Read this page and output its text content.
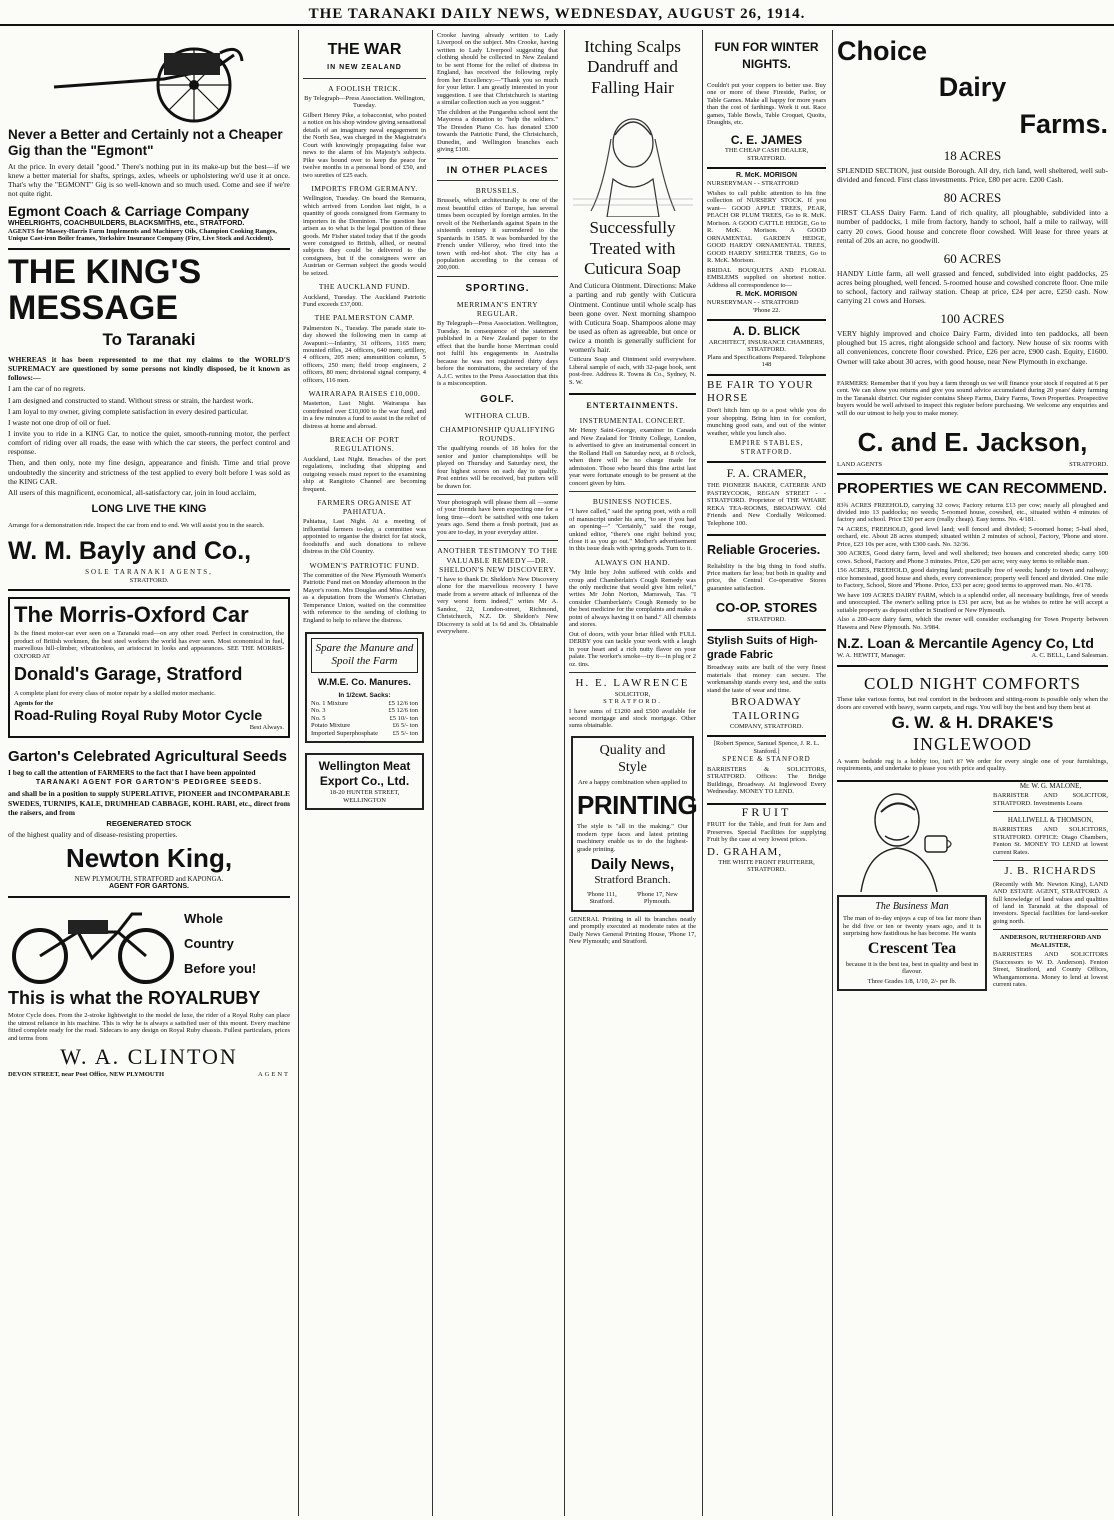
THE TARANAKI DAILY NEWS, WEDNESDAY, AUGUST 26, 1914.
Never a Better and Certainly not a Cheaper Gig than the "Egmont"

At the price. In every detail "good." There's nothing put in its make-up but the best—if we knew a better material for shafts, springs, axles, wheels or upholstering we'd use it at once. That's why the "EGMONT" Gig is so well-known and so much used. Come and see if we're not quite right.

Egmont Coach & Carriage Company
WHEELRIGHTS, COACHBUILDERS, BLACKSMITHS, etc., STRATFORD.
AGENTS for Massey-Harris Farm Implements and Machinery Oils, Champion Cooking Ranges, Unique Cast-iron Boiler frames, Yorkshire Insurance Company (Fire, Live Stock and Accident).
THE KING'S MESSAGE
To Taranaki

WHEREAS it has been represented to me that my claims to the WORLD'S SUPREMACY are questioned by some persons not kindly disposed, be it known as follows:—

I am the car of no regrets.

I am designed and constructed to stand. Without stress or strain, the hardest work.

I am loyal to my owner, giving complete satisfaction in every desired particular.

I waste not one drop of oil or fuel.

I invite you to ride in a KING Car, to notice the quiet, smooth-running motor, the perfect comfort of riding over all roads, the ease with which the car steers, the perfect control and response.

Then, and then only, note my fine design, appearance and finish. Time and trial prove undoubtedly the sincerity and strictness of the test applied to every bolt before I was sold as the KING CAR.

All users of this magnificent, economical, all-satisfactory car, join in loud acclaim,

LONG LIVE THE KING

Arrange for a demonstration ride. Inspect the car from end to end. We will assist you in the search.

W. M. Bayly and Co.,
SOLE TARANAKI AGENTS,
STRATFORD.
The Morris-Oxford Car

Is the finest motor-car ever seen on a Taranaki road—on any other road. Perfect in construction, the product of British workmen, the best steel workers the world has ever seen. Most economical in fuel, marvellous hill-climber, vibrationless, an aristocrat in looks and appearances. SEE THE MORRIS-OXFORD AT

Donald's Garage, Stratford

A complete plant for every class of motor repair by a skilled motor mechanic.

Agents for the
Road-Ruling Royal Ruby Motor Cycle
Best Always.
Garton's Celebrated Agricultural Seeds

I beg to call the attention of FARMERS to the fact that I have been appointed

TARANAKI AGENT FOR GARTON'S PEDIGREE SEEDS.

and shall be in a position to supply SUPERLATIVE, PIONEER and INCOMPARABLE SWEDES, TURNIPS, KALE, DRUMHEAD CABBAGE, KOHL RABI, etc., direct from the raisers, and from

REGENERATED STOCK

of the highest quality and of disease-resisting properties.

Newton King,
NEW PLYMOUTH, STRATFORD and KAPONGA.
AGENT FOR GARTONS.
Whole
Country
Before you!
This is what the ROYALRUBY

Motor Cycle does. From the 2-stroke lightweight to the model de luxe, the rider of a Royal Ruby can place the utmost reliance in his machine. This is why he is always a satisfied user of this mount. Every machine fitted complete ready for the road. Sidecars to any design on Royal Ruby chassis. Fullest particulars, prices and terms from

W. A. CLINTON
DEVON STREET, near Post Office, NEW PLYMOUTH	AGENT
THE WAR
IN NEW ZEALAND
A FOOLISH TRICK.

By Telegraph—Press Association. Wellington, Tuesday.

Gilbert Henry Pike, a tobacconist, who posted a notice on his shop window giving sensational details of an imaginary naval engagement in the North Sea, was charged in the Magistrate's Court with knowingly propagating false war news to the alarm of his Majesty's subjects. Pike was bound over to keep the peace for twelve months in a personal bond of £50, and two sureties of £25 each.

IMPORTS FROM GERMANY.

Wellington, Tuesday. On board the Remuera, which arrived from London last night, is a quantity of goods consigned from Germany to importers in the Dominion. The question has arisen as to what is the legal position of these goods. Mr Fisher stated today that if the goods were consigned to British, allied, or neutral subjects they could be delivered to the consignees, but if the consignees were an Austrian or German subject the goods would be seized.

THE AUCKLAND FUND.

Auckland, Tuesday. The Auckland Patriotic Fund exceeds £37,000.

THE PALMERSTON CAMP.

Palmerston N., Tuesday. The parade state to-day showed the following men in camp at Awapuni:—Infantry, 31 officers, 1165 men; mounted rifles, 24 officers, 640 men; artillery, 4 officers, 205 men; ammunition column, 5 officers, 250 men; field troop engineers, 2 officers, 80 men; divisional signal company, 4 officers, 116 men.

WAIRARAPA RAISES £10,000.

Masterton, Last Night. Wairarapa has contributed over £10,000 to the war fund, and in a few minutes a fund to assist in the relief of distress at home and abroad.

BREACH OF PORT REGULATIONS.

Auckland, Last Night. Breaches of the port regulations, including that shipping and outgoing vessels must report to the examining ship at Rangitoto Channel are becoming frequent.

FARMERS ORGANISE AT PAHIATUA.

Pahiatua, Last Night. At a meeting of influential farmers to-day, a committee was appointed to organise the district for fat stock, foodstuffs and such donations to relieve distress in the Old Country.

WOMEN'S PATRIOTIC FUND.

The committee of the New Plymouth Women's Patriotic Fund met on Monday afternoon in the Mayor's room. Mrs Douglas and Miss Ambury, as a deputation from the Women's Christian Temperance Union, waited on the committee with reference to the sending of clothing to England to help to relieve the distress.

Spare the Manure and Spoil the Farm
W.M.E. Co. Manures.
In 1/2cwt. Sacks:
No. 1 Mixture	£5 12/6 ton
No. 3	£5 12/6 ton
No. 5	£5 10/- ton
Potato Mixture	£6 5/- ton
Imported Superphosphate £5 5/- ton
Wellington Meat Export Co., Ltd.
18-20 HUNTER STREET, WELLINGTON

Crooke having already written to Lady Liverpool on the subject. Mrs Crooke, having written to Lady Liverpool suggesting that clothing should be collected in New Zealand to be sent Home for the relief of distress in England, has received the following reply from her Excellency:—"Thank you so much for your letter. I am greatly interested in your suggestion. I see that Christchurch is starting a similar collection such as you suggest."

The children at the Pungarehu school sent the Mayoress a donation to "help the soldiers." The Dresden Piano Co. has donated £300 towards the Patriotic Fund, the Christchurch, Dunedin, and Wellington branches each giving £100.

IN OTHER PLACES
BRUSSELS.

Brussels, which architecturally is one of the most beautiful cities of Europe, has several times been occupied by foreign armies. In the revolt of the Netherlands against Spain in the sixteenth century it surrendered to the Spaniards in 1585. It was bombarded by the French under Villeroy, who fired into the town with red-hot shot. The city has a population according to the census of 200,000.

SPORTING.
MERRIMAN'S ENTRY REGULAR.

By Telegraph—Press Association. Wellington, Tuesday. In consequence of the statement published in a New Zealand paper to the effect that the hurdle horse Merriman could not fulfil his engagements in Australia because he was not registered thirty days before the nominations, the secretary of the A.J.C. writes to the Press Association that this is a misconception.

GOLF.
WITHORA CLUB.
CHAMPIONSHIP QUALIFYING ROUNDS.

The qualifying rounds of 18 holes for the senior and junior championships will be played on Thursday and Saturday next, the four highest scores on each day to qualify. Post entries will be received, but putters will be drawn for.

Your photograph will please them all —some of your friends have been expecting one for a long time—don't be satisfied with one taken years ago. Send them a fresh portrait, just as you are to-day, in your everyday attire.

ANOTHER TESTIMONY TO THE VALUABLE REMEDY—DR. SHELDON'S NEW DISCOVERY.

"I have to thank Dr. Sheldon's New Discovery alone for the marvellous recovery I have made from a severe attack of influenza of the very worst form indeed," writes Mr A. Sandoz, 22, London-street, Richmond, Christchurch, N.Z. Dr. Sheldon's New Discovery is sold at 1s 6d and 3s. Obtainable everywhere.

Itching Scalps
Dandruff and
Falling Hair
Successfully
Treated with
Cuticura Soap

And Cuticura Ointment. Directions: Make a parting and rub gently with Cuticura Ointment. Continue until whole scalp has been gone over. Next morning shampoo with Cuticura Soap. Shampoos alone may be used as often as agreeable, but once or twice a month is generally sufficient for women's hair.

Cuticura Soap and Ointment sold everywhere. Liberal sample of each, with 32-page book, sent post-free. Address R. Towns & Co., Sydney, N. S. W.

ENTERTAINMENTS.
INSTRUMENTAL CONCERT.

Mr Henry Saint-George, examiner in Canada and New Zealand for Trinity College, London, is advertised to give an instrumental concert in the Rolland Hall on Saturday next, at 8 o'clock, when there will be no charge made for admission. Those who heard this fine artist last year were fortunate enough to be present at the concert given by him.

BUSINESS NOTICES.

"I have called," said the spring poet, with a roll of manuscript under his arm, "to see if you had an opening—" "Certainly," said the rouge, unkind editor, "there's one right behind you; close it as you go out." Mother's advertisement in this issue deals with spring goods. Turn to it.

ALWAYS ON HAND.

"My little boy John suffered with colds and croup and Chamberlain's Cough Remedy was the only medicine that would give him relief," writes Mr John Norton, Marrawah, Tas. "I consider Chamberlain's Cough Remedy to be the best medicine for the complaints and make a point of always having it on hand." All chemists and stores.

Out of doors, with your briar filled with FULL DERBY you can tackle your work with a laugh in your heart and a rich nutty flavor on your palate. The worker's smoke—try it—in plug or 2 oz. tins.

H. E. LAWRENCE
SOLICITOR,
STRATFORD.

I have sums of £1200 and £500 available for second mortgage and stock mortgage. Other sums obtainable.

Quality and
Style
Are a happy combination when applied to
PRINTING

The style is "all in the making." Our modern type faces and latest printing machinery enable us to do the highest-grade printing.

Daily News,
Stratford Branch.
'Phone 111, Stratford.
'Phone 17, New Plymouth.

GENERAL Printing in all its branches neatly and promptly executed at moderate rates at the Daily News General Printing House, 'Phone 17, New Plymouth; and Stratford.

FUN FOR WINTER NIGHTS.

Couldn't put your coppers to better use. Buy one or more of these Fireside, Parlor, or Table Games. Make all happy for more years than the cost of farthings. Work it out. Race games, Table Bowls, Table Croquet, Quoits, Draughts, etc.

C. E. JAMES
THE CHEAP CASH DEALER, STRATFORD.
R. McK. MORISON
NURSERYMAN - - STRATFORD

Wishes to call public attention to his fine collection of NURSERY STOCK. If you want— GOOD APPLE TREES, PEAR, PEACH OR PLUM TREES, Go to R. McK. Morison. A GOOD CATTLE HEDGE, Go to R. McK. Morison. A GOOD ORNAMENTAL GARDEN HEDGE, GOOD HARDY ORNAMENTAL TREES, GOOD HARDY SHELTER TREES, Go to R. McK. Morison.

BRIDAL BOUQUETS AND FLORAL EMBLEMS supplied on shortest notice. Address all correspondence to—

R. McK. MORISON
NURSERYMAN - - STRATFORD
'Phone 22.
A. D. BLICK
ARCHITECT, INSURANCE CHAMBERS, STRATFORD.
Plans and Specifications Prepared. Telephone 148
BE FAIR TO YOUR HORSE

Don't hitch him up to a post while you do your shopping. Bring him in for comfort, munching good oats, and out of the winter weather, while you lunch also.

EMPIRE STABLES, STRATFORD.
F. A. CRAMER,

THE PIONEER BAKER, CATERER AND PASTRYCOOK, REGAN STREET - - STRATFORD. Proprietor of THE WHARE REKA TEA-ROOMS, BROADWAY. Old Friends and New Cordially Welcomed. Telephone 100.

Reliable Groceries.

Reliability is the big thing in food stuffs. Price matters far less; but both in quality and price, the Central Co-operative Stores guarantee satisfaction.

CO-OP. STORES
STRATFORD.
Stylish Suits of High-grade Fabric

Broadway suits are built of the very finest materials that money can secure. The workmanship stands every test, and the suits stand the taste of wear and time.

BROADWAY TAILORING
COMPANY, STRATFORD.
[Robert Spence, Samuel Spence, J. R. L. Stanford.]
SPENCE & STANFORD

BARRISTERS & SOLICITORS, STRATFORD. Offices: The Bridge Buildings, Broadway. At Inglewood Every Wednesday. MONEY TO LEND.

FRUIT

FRUIT for the Table, and fruit for Jam and Preserves. Special Facilities for supplying Fruit by the case at very lowest prices.

D. GRAHAM,
THE WHITE FRONT FRUITERER, STRATFORD.
Choice
Dairy
Farms.
18 ACRES

SPLENDID SECTION, just outside Borough. All dry, rich land, well sheltered, well sub-divided and fenced. First class investments. Price, £80 per acre. £200 Cash.

80 ACRES

FIRST CLASS Dairy Farm. Land of rich quality, all ploughable, subdivided into a number of paddocks, 1 mile from factory, handy to school, half a mile to railway, will carry 20 cows. Good house and concrete floor cowshed. Will lease for three years at rental of 20s an acre, no goodwill.

60 ACRES

HANDY Little farm, all well grassed and fenced, subdivided into eight paddocks, 25 acres being ploughed, well fenced. 5-roomed house and cowshed concrete floor. One mile to school, factory and railway station. Cheap at price, £24 per acre, £250 cash. Now carrying 21 cows and Horses.

100 ACRES

VERY highly improved and choice Dairy Farm, divided into ten paddocks, all been ploughed but 15 acres, right alongside school and factory. New house of six rooms with all conveniences, concrete floor cowshed. Price, £26 per acre, £900 cash. Equity, £1600. Owner will take about 30 acres, with good house, near New Plymouth in exchange.

FARMERS: Remember that if you buy a farm through us we will finance your stock if required at 6 per cent. We can show you returns and give you sound advice accumulated during 20 years' dairy farming in the Taranaki district. Our register contains Sheep Farms, Dairy Farms, Town Properties. Prospective buyers would be well advised to inspect this register before purchasing. We welcome any enquiries and will do our utmost to help you to make money.

C. and E. Jackson,
LAND AGENTS	STRATFORD.
PROPERTIES WE CAN RECOMMEND.

83¾ ACRES FREEHOLD, carrying 32 cows; Factory returns £13 per cow; nearly all ploughed and divided into 13 paddocks; no weeds; 5-roomed house, cowshed, etc., situated within 4 minutes of factory and school. Price £30 per acre (really cheap). Easy terms. No. 4/181.

74 ACRES, FREEHOLD, good level land; well fenced and divided; 5-roomed home; 5-bail shed, orchard, etc. About 28 acres stumped; situated within 2 minutes of school, Factory, 'Phone and store. Price, £23 10s per acre, with £300 cash. No. 32/36.

300 ACRES, Good dairy farm, level and well sheltered; two houses and concreted sheds; carry 100 cows. School, Factory and Phone 3 minutes. Price, £26 per acre; very easy terms to reliable man.

156 ACRES, FREEHOLD, good dairying land; practically free of weeds; handy to town and railway; nice homestead, good house and sheds, every convenience; property well fenced and divided. One mile to Factory, School, Store and 'Phone. Price, £33 per acre; good terms to approved man. No. 4/178.

We have 109 ACRES DAIRY FARM, which is a splendid order, all necessary buildings, free of weeds and unoccupied. The owner's selling price is £31 per acre, but as he wishes to retire he will accept a suitable property as deposit either in Stratford or New Plymouth.

Also a 200-acre dairy farm, which the owner will consider exchanging for Town Property between Hawera and New Plymouth. No. 3/984.

N.Z. Loan & Mercantile Agency Co, Ltd
W. A. HEWITT, Manager.	A. C. BELL, Land Salesman.
COLD NIGHT COMFORTS

These take various forms, but real comfort in the bedroom and sitting-room is possible only when the doors are covered with heavy, warm carpets, and rugs. You will buy the best and buy them best at

G. W. & H. DRAKE'S
INGLEWOOD

A warm bedside rug is a hobby too, isn't it? We order for every single one of your furnishings, requirements, and undertake to please you with price and quality.

The Business Man

The man of to-day enjoys a cup of tea far more than he did five or ten or twenty years ago, and it is surprising how fastidious he has become. He wants

Crescent Tea

because it is the best tea, best in quality and best in flavour.

Three Grades 1/8, 1/10, 2/- per lb.
Mr. W. G. MALONE,

BARRISTER AND SOLICITOR, STRATFORD. Investments Loans

HALLIWELL & THOMSON,

BARRISTERS AND SOLICITORS, STRATFORD. OFFICE: Otago Chambers, Fenton St. MONEY TO LEND at lowest current Rates.

J. B. RICHARDS

(Recently with Mr. Newton King), LAND AND ESTATE AGENT, STRATFORD. A full knowledge of land values and qualities of land in Taranaki at the disposal of investors. Special facilities for land-seeker going north.

ANDERSON, RUTHERFORD AND McALISTER,

BARRISTERS AND SOLICITORS (Successors to W. D. Anderson). Fenton Street, Stratford, and County Offices, Whangamomona. Money to lend at lowest current rates.
